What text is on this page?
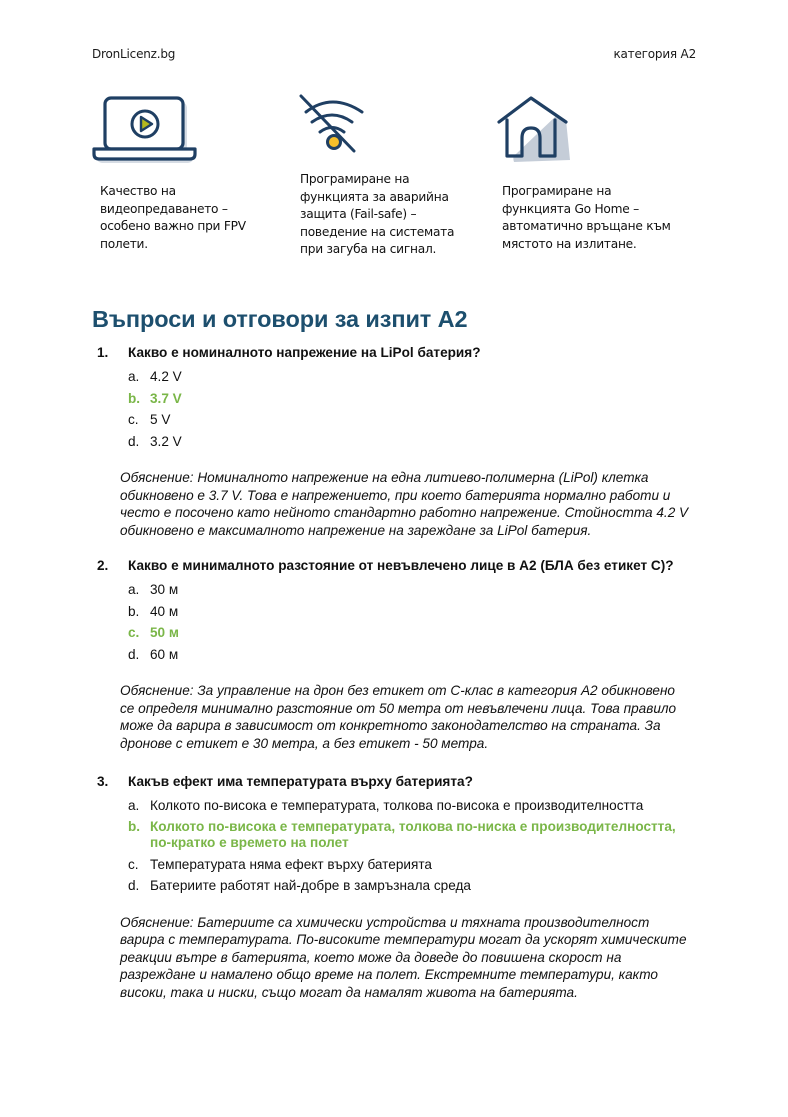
DronLicenz.bg	категория A2
Качество на
видеопредаването –
особено важно при FPV
полети.
Програмиране на
функцията за аварийна
защита (Fail-safe) –
поведение на системата
при загуба на сигнал.
Програмиране на
функцията Go Home –
автоматично връщане към
мястото на излитане.
Въпроси и отговори за изпит A2
1. Какво е номиналното напрежение на LiPol батерия?
a. 4.2 V
b. 3.7 V
c. 5 V
d. 3.2 V
Обяснение: Номиналното напрежение на една литиево-полимерна (LiPol) клетка
обикновено е 3.7 V. Това е напрежението, при което батерията нормално работи и
често е посочено като нейното стандартно работно напрежение. Стойността 4.2 V
обикновено е максималното напрежение на зареждане за LiPol батерия.
2. Какво е минималното разстояние от невъвлечено лице в A2 (БЛА без етикет C)?
a. 30 м
b. 40 м
c. 50 м
d. 60 м
Обяснение: За управление на дрон без етикет от C-клас в категория A2 обикновено
се определя минимално разстояние от 50 метра от невъвлечени лица. Това правило
може да варира в зависимост от конкретното законодателство на страната. За
дронове с етикет е 30 метра, а без етикет - 50 метра.
3. Какъв ефект има температурата върху батерията?
a. Колкото по-висока е температурата, толкова по-висока е производителността
b. Колкото по-висока е температурата, толкова по-ниска е производителността,
по-кратко е времето на полет
c. Температурата няма ефект върху батерията
d. Батериите работят най-добре в замръзнала среда
Обяснение: Батериите са химически устройства и тяхната производителност
варира с температурата. По-високите температури могат да ускорят химическите
реакции вътре в батерията, което може да доведе до повишена скорост на
разреждане и намалено общо време на полет. Екстремните температури, както
високи, така и ниски, също могат да намалят живота на батерията.
